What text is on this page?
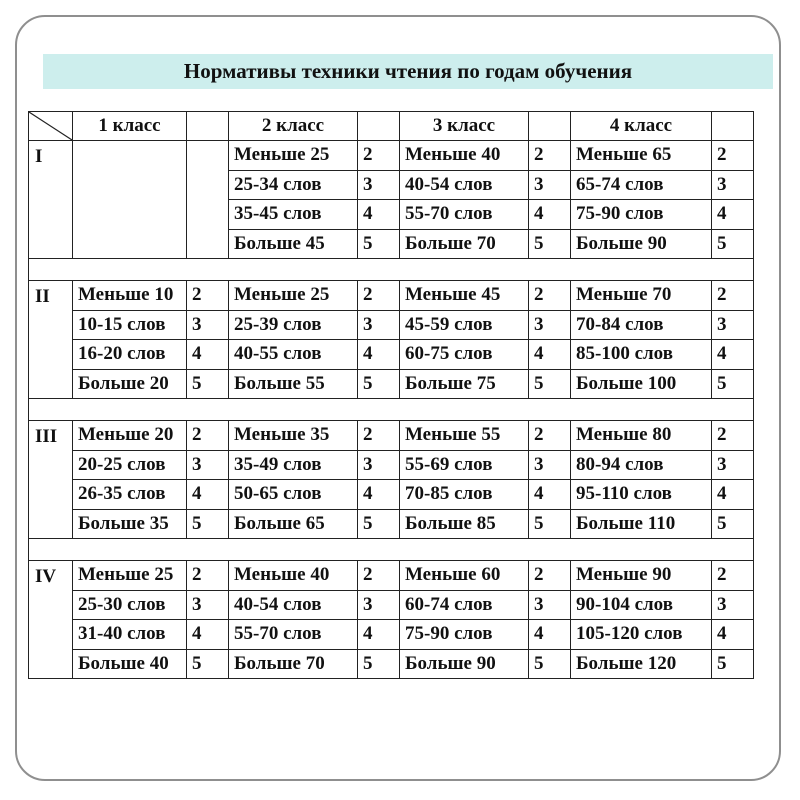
Нормативы техники чтения по годам обучения
	1 класс		2 класс		3 класс		4 класс	
I			Меньше 25	2	Меньше 40	2	Меньше 65	2
			25-34 слов	3	40-54 слов	3	65-74 слов	3
			35-45 слов	4	55-70 слов	4	75-90 слов	4
			Больше 45	5	Больше 70	5	Больше 90	5

II	Меньше 10	2	Меньше 25	2	Меньше 45	2	Меньше 70	2
	10-15 слов	3	25-39 слов	3	45-59 слов	3	70-84 слов	3
	16-20 слов	4	40-55 слов	4	60-75 слов	4	85-100 слов	4
	Больше 20	5	Больше 55	5	Больше 75	5	Больше 100	5

III	Меньше 20	2	Меньше 35	2	Меньше 55	2	Меньше 80	2
	20-25 слов	3	35-49 слов	3	55-69 слов	3	80-94 слов	3
	26-35 слов	4	50-65 слов	4	70-85 слов	4	95-110 слов	4
	Больше 35	5	Больше 65	5	Больше 85	5	Больше 110	5

IV	Меньше 25	2	Меньше 40	2	Меньше 60	2	Меньше 90	2
	25-30 слов	3	40-54 слов	3	60-74 слов	3	90-104 слов	3
	31-40 слов	4	55-70 слов	4	75-90 слов	4	105-120 слов	4
	Больше 40	5	Больше 70	5	Больше 90	5	Больше 120	5
